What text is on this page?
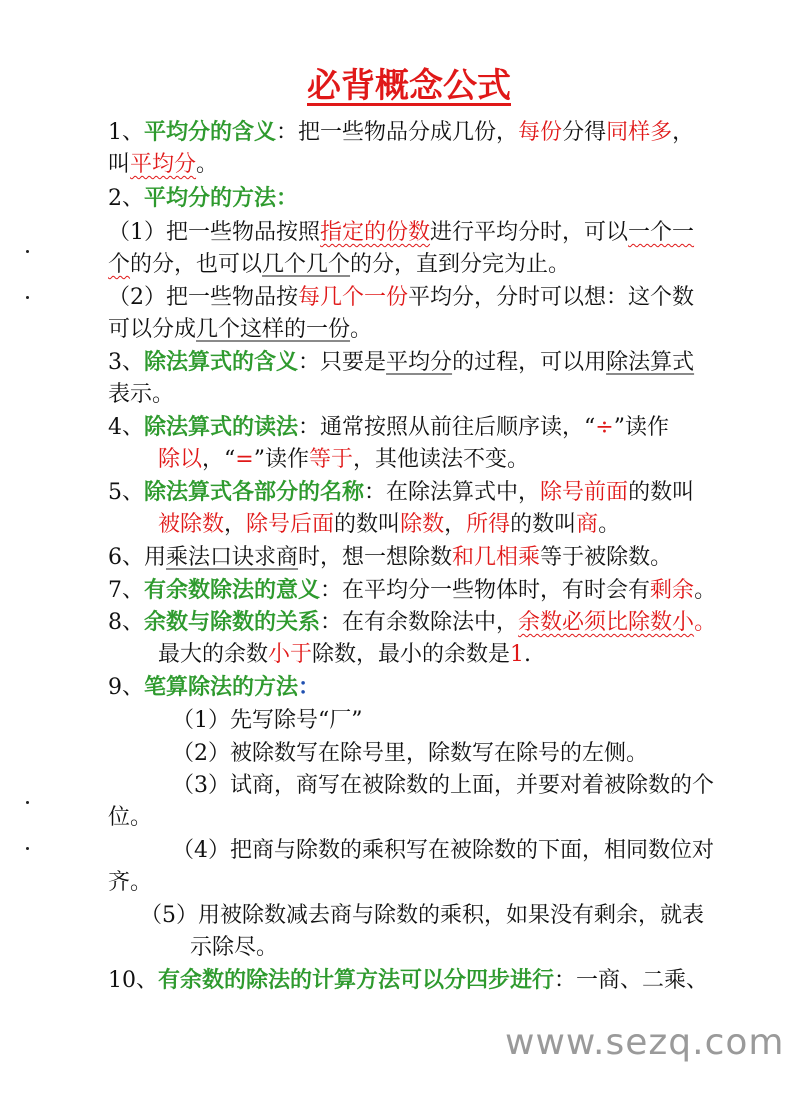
必背概念公式
1、平均分的含义：把一些物品分成几份，每份分得同样多，
叫平均分。
2、平均分的方法：
（1）把一些物品按照指定的份数进行平均分时，可以一个一
个的分，也可以几个几个的分，直到分完为止。
（2）把一些物品按每几个一份平均分，分时可以想：这个数
可以分成几个这样的一份。
3、除法算式的含义：只要是平均分的过程，可以用除法算式
表示。
4、除法算式的读法：通常按照从前往后顺序读，“÷”读作
除以，“=”读作等于，其他读法不变。
5、除法算式各部分的名称：在除法算式中，除号前面的数叫
被除数，除号后面的数叫除数，所得的数叫商。
6、用乘法口诀求商时，想一想除数和几相乘等于被除数。
7、有余数除法的意义：在平均分一些物体时，有时会有剩余。
8、余数与除数的关系：在有余数除法中，余数必须比除数小。
最大的余数小于除数，最小的余数是1.
9、笔算除法的方法：
（1）先写除号“厂”
（2）被除数写在除号里，除数写在除号的左侧。
（3）试商，商写在被除数的上面，并要对着被除数的个
位。
（4）把商与除数的乘积写在被除数的下面，相同数位对
齐。
（5）用被除数减去商与除数的乘积，如果没有剩余，就表
示除尽。
10、有余数的除法的计算方法可以分四步进行：一商、二乘、
www.sezq.com
